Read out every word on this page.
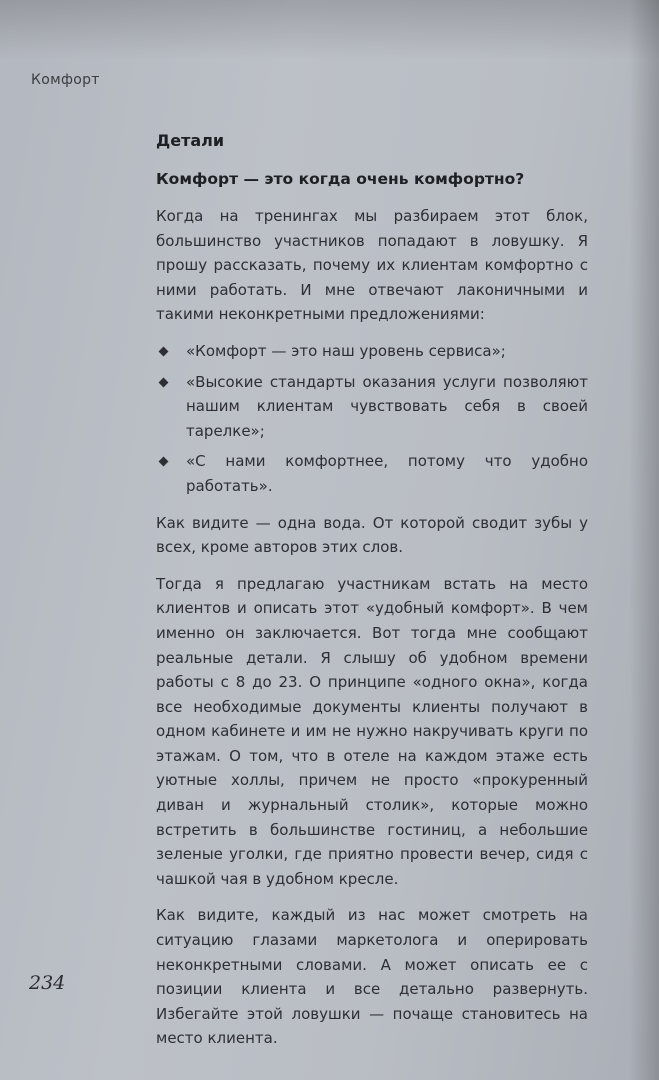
Комфорт
Детали
Комфорт — это когда очень комфортно?

Когда на тренингах мы разбираем этот блок, большинство участников попадают в ловушку. Я прошу рассказать, почему их клиентам комфортно с ними работать. И мне отвечают лаконичными и такими неконкретными предложениями:

«Комфорт — это наш уровень сервиса»;
«Высокие стандарты оказания услуги позволяют нашим клиентам чувствовать себя в своей тарелке»;
«С нами комфортнее, потому что удобно работать».

Как видите — одна вода. От которой сводит зубы у всех, кроме авторов этих слов.

Тогда я предлагаю участникам встать на место клиентов и описать этот «удобный комфорт». В чем именно он заключается. Вот тогда мне сообщают реальные детали. Я слышу об удобном времени работы с 8 до 23. О принципе «одного окна», когда все необходимые документы клиенты получают в одном кабинете и им не нужно накручивать круги по этажам. О том, что в отеле на каждом этаже есть уютные холлы, причем не просто «прокуренный диван и журнальный столик», которые можно встретить в большинстве гостиниц, а небольшие зеленые уголки, где приятно провести вечер, сидя с чашкой чая в удобном кресле.

Как видите, каждый из нас может смотреть на ситуацию глазами маркетолога и оперировать неконкретными словами. А может описать ее с позиции клиента и все детально развернуть. Избегайте этой ловушки — почаще становитесь на место клиента.

234
